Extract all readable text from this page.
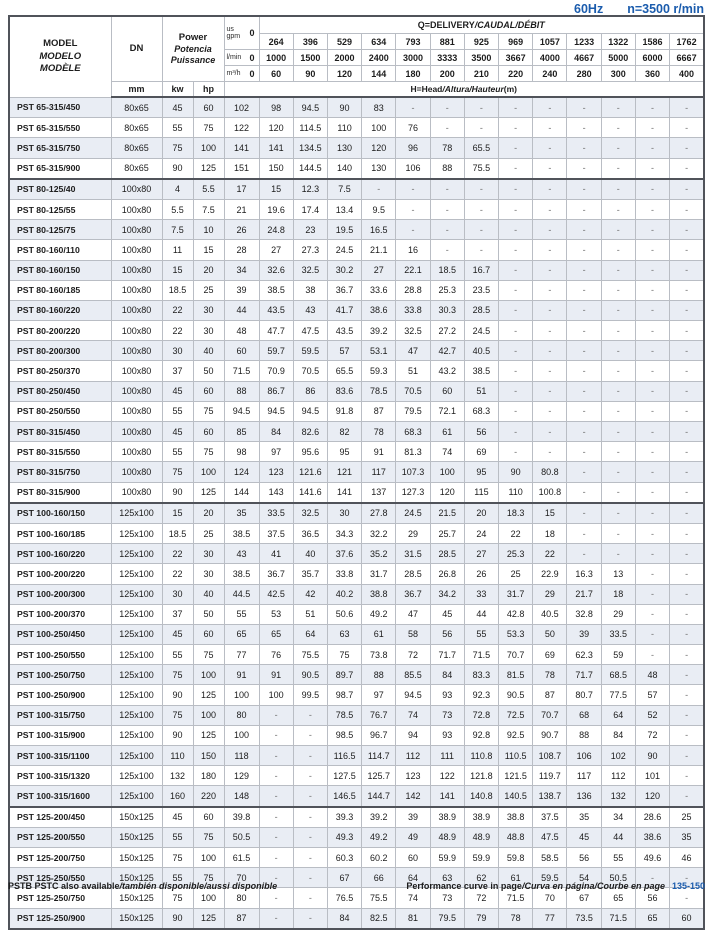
60Hz n=3500 r/min
MODEL
MODELO
MODÈLE
	DN	
Power
Potencia
Puissance

us
gpm 0
	Q=DELIVERY/CAUDAL/DÉBIT
					264	396	529	634	793	881	925	969	1057	1233	1322	1586	1762

				l/min 0	1000	1500	2000	2400	3000	3333	3500	3667	4000	4667	5000	6000	6667

				m³/h 0	60	90	120	144	180	200	210	220	240	280	300	360	400
	mm	kw	hp	H=Head/Altura/Hauteur(m)													
PST 65-315/450	80x65	45	60	102	98	94.5	90	83	-	-	-	-	-	-	-	-	-
PST 65-315/550	80x65	55	75	122	120	114.5	110	100	76	-	-	-	-	-	-	-	-
PST 65-315/750	80x65	75	100	141	141	134.5	130	120	96	78	65.5	-	-	-	-	-	-
PST 65-315/900	80x65	90	125	151	150	144.5	140	130	106	88	75.5	-	-	-	-	-	-
PST 80-125/40	100x80	4	5.5	17	15	12.3	7.5	-	-	-	-	-	-	-	-	-	-
PST 80-125/55	100x80	5.5	7.5	21	19.6	17.4	13.4	9.5	-	-	-	-	-	-	-	-	-
PST 80-125/75	100x80	7.5	10	26	24.8	23	19.5	16.5	-	-	-	-	-	-	-	-	-
PST 80-160/110	100x80	11	15	28	27	27.3	24.5	21.1	16	-	-	-	-	-	-	-	-
PST 80-160/150	100x80	15	20	34	32.6	32.5	30.2	27	22.1	18.5	16.7	-	-	-	-	-	-
PST 80-160/185	100x80	18.5	25	39	38.5	38	36.7	33.6	28.8	25.3	23.5	-	-	-	-	-	-
PST 80-160/220	100x80	22	30	44	43.5	43	41.7	38.6	33.8	30.3	28.5	-	-	-	-	-	-
PST 80-200/220	100x80	22	30	48	47.7	47.5	43.5	39.2	32.5	27.2	24.5	-	-	-	-	-	-
PST 80-200/300	100x80	30	40	60	59.7	59.5	57	53.1	47	42.7	40.5	-	-	-	-	-	-
PST 80-250/370	100x80	37	50	71.5	70.9	70.5	65.5	59.3	51	43.2	38.5	-	-	-	-	-	-
PST 80-250/450	100x80	45	60	88	86.7	86	83.6	78.5	70.5	60	51	-	-	-	-	-	-
PST 80-250/550	100x80	55	75	94.5	94.5	94.5	91.8	87	79.5	72.1	68.3	-	-	-	-	-	-
PST 80-315/450	100x80	45	60	85	84	82.6	82	78	68.3	61	56	-	-	-	-	-	-
PST 80-315/550	100x80	55	75	98	97	95.6	95	91	81.3	74	69	-	-	-	-	-	-
PST 80-315/750	100x80	75	100	124	123	121.6	121	117	107.3	100	95	90	80.8	-	-	-	-
PST 80-315/900	100x80	90	125	144	143	141.6	141	137	127.3	120	115	110	100.8	-	-	-	-
PST 100-160/150	125x100	15	20	35	33.5	32.5	30	27.8	24.5	21.5	20	18.3	15	-	-	-	-
PST 100-160/185	125x100	18.5	25	38.5	37.5	36.5	34.3	32.2	29	25.7	24	22	18	-	-	-	-
PST 100-160/220	125x100	22	30	43	41	40	37.6	35.2	31.5	28.5	27	25.3	22	-	-	-	-
PST 100-200/220	125x100	22	30	38.5	36.7	35.7	33.8	31.7	28.5	26.8	26	25	22.9	16.3	13	-	-
PST 100-200/300	125x100	30	40	44.5	42.5	42	40.2	38.8	36.7	34.2	33	31.7	29	21.7	18	-	-
PST 100-200/370	125x100	37	50	55	53	51	50.6	49.2	47	45	44	42.8	40.5	32.8	29	-	-
PST 100-250/450	125x100	45	60	65	65	64	63	61	58	56	55	53.3	50	39	33.5	-	-
PST 100-250/550	125x100	55	75	77	76	75.5	75	73.8	72	71.7	71.5	70.7	69	62.3	59	-	-
PST 100-250/750	125x100	75	100	91	91	90.5	89.7	88	85.5	84	83.3	81.5	78	71.7	68.5	48	-
PST 100-250/900	125x100	90	125	100	100	99.5	98.7	97	94.5	93	92.3	90.5	87	80.7	77.5	57	-
PST 100-315/750	125x100	75	100	80	-	-	78.5	76.7	74	73	72.8	72.5	70.7	68	64	52	-
PST 100-315/900	125x100	90	125	100	-	-	98.5	96.7	94	93	92.8	92.5	90.7	88	84	72	-
PST 100-315/1100	125x100	110	150	118	-	-	116.5	114.7	112	111	110.8	110.5	108.7	106	102	90	-
PST 100-315/1320	125x100	132	180	129	-	-	127.5	125.7	123	122	121.8	121.5	119.7	117	112	101	-
PST 100-315/1600	125x100	160	220	148	-	-	146.5	144.7	142	141	140.8	140.5	138.7	136	132	120	-
PST 125-200/450	150x125	45	60	39.8	-	-	39.3	39.2	39	38.9	38.9	38.8	37.5	35	34	28.6	25
PST 125-200/550	150x125	55	75	50.5	-	-	49.3	49.2	49	48.9	48.9	48.8	47.5	45	44	38.6	35
PST 125-200/750	150x125	75	100	61.5	-	-	60.3	60.2	60	59.9	59.9	59.8	58.5	56	55	49.6	46
PST 125-250/550	150x125	55	75	70	-	-	67	66	64	63	62	61	59.5	54	50.5	-	-
PST 125-250/750	150x125	75	100	80	-	-	76.5	75.5	74	73	72	71.5	70	67	65	56	-
PST 125-250/900	150x125	90	125	87	-	-	84	82.5	81	79.5	79	78	77	73.5	71.5	65	60
PSTB PSTC also available/también disponible/aussi disponible	Performance curve in page/Curva en página/Courbe en page 135-150
